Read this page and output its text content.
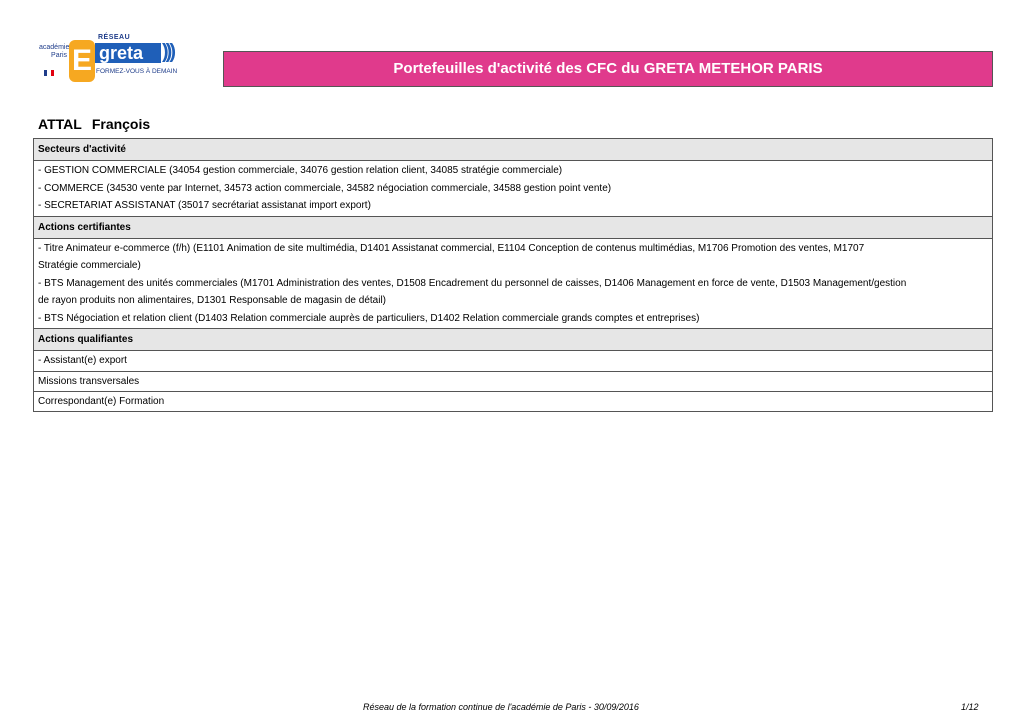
académie
Paris E
RÉSEAU
greta )))
FORMEZ-VOUS À DEMAIN	Portefeuilles d'activité des CFC du GRETA METEHOR PARIS
ATTAL François
Secteurs d'activité
- GESTION COMMERCIALE (34054 gestion commerciale, 34076 gestion relation client, 34085 stratégie commerciale)
- COMMERCE (34530 vente par Internet, 34573 action commerciale, 34582 négociation commerciale, 34588 gestion point vente)
- SECRETARIAT ASSISTANAT (35017 secrétariat assistanat import export)
Actions certifiantes
- Titre Animateur e-commerce (f/h) (E1101 Animation de site multimédia, D1401 Assistanat commercial, E1104 Conception de contenus multimédias, M1706 Promotion des ventes, M1707
Stratégie commerciale)
- BTS Management des unités commerciales (M1701 Administration des ventes, D1508 Encadrement du personnel de caisses, D1406 Management en force de vente, D1503 Management/gestion
de rayon produits non alimentaires, D1301 Responsable de magasin de détail)
- BTS Négociation et relation client (D1403 Relation commerciale auprès de particuliers, D1402 Relation commerciale grands comptes et entreprises)
Actions qualifiantes
- Assistant(e) export
Missions transversales
Correspondant(e) Formation
Réseau de la formation continue de l'académie de Paris - 30/09/2016	1/12
